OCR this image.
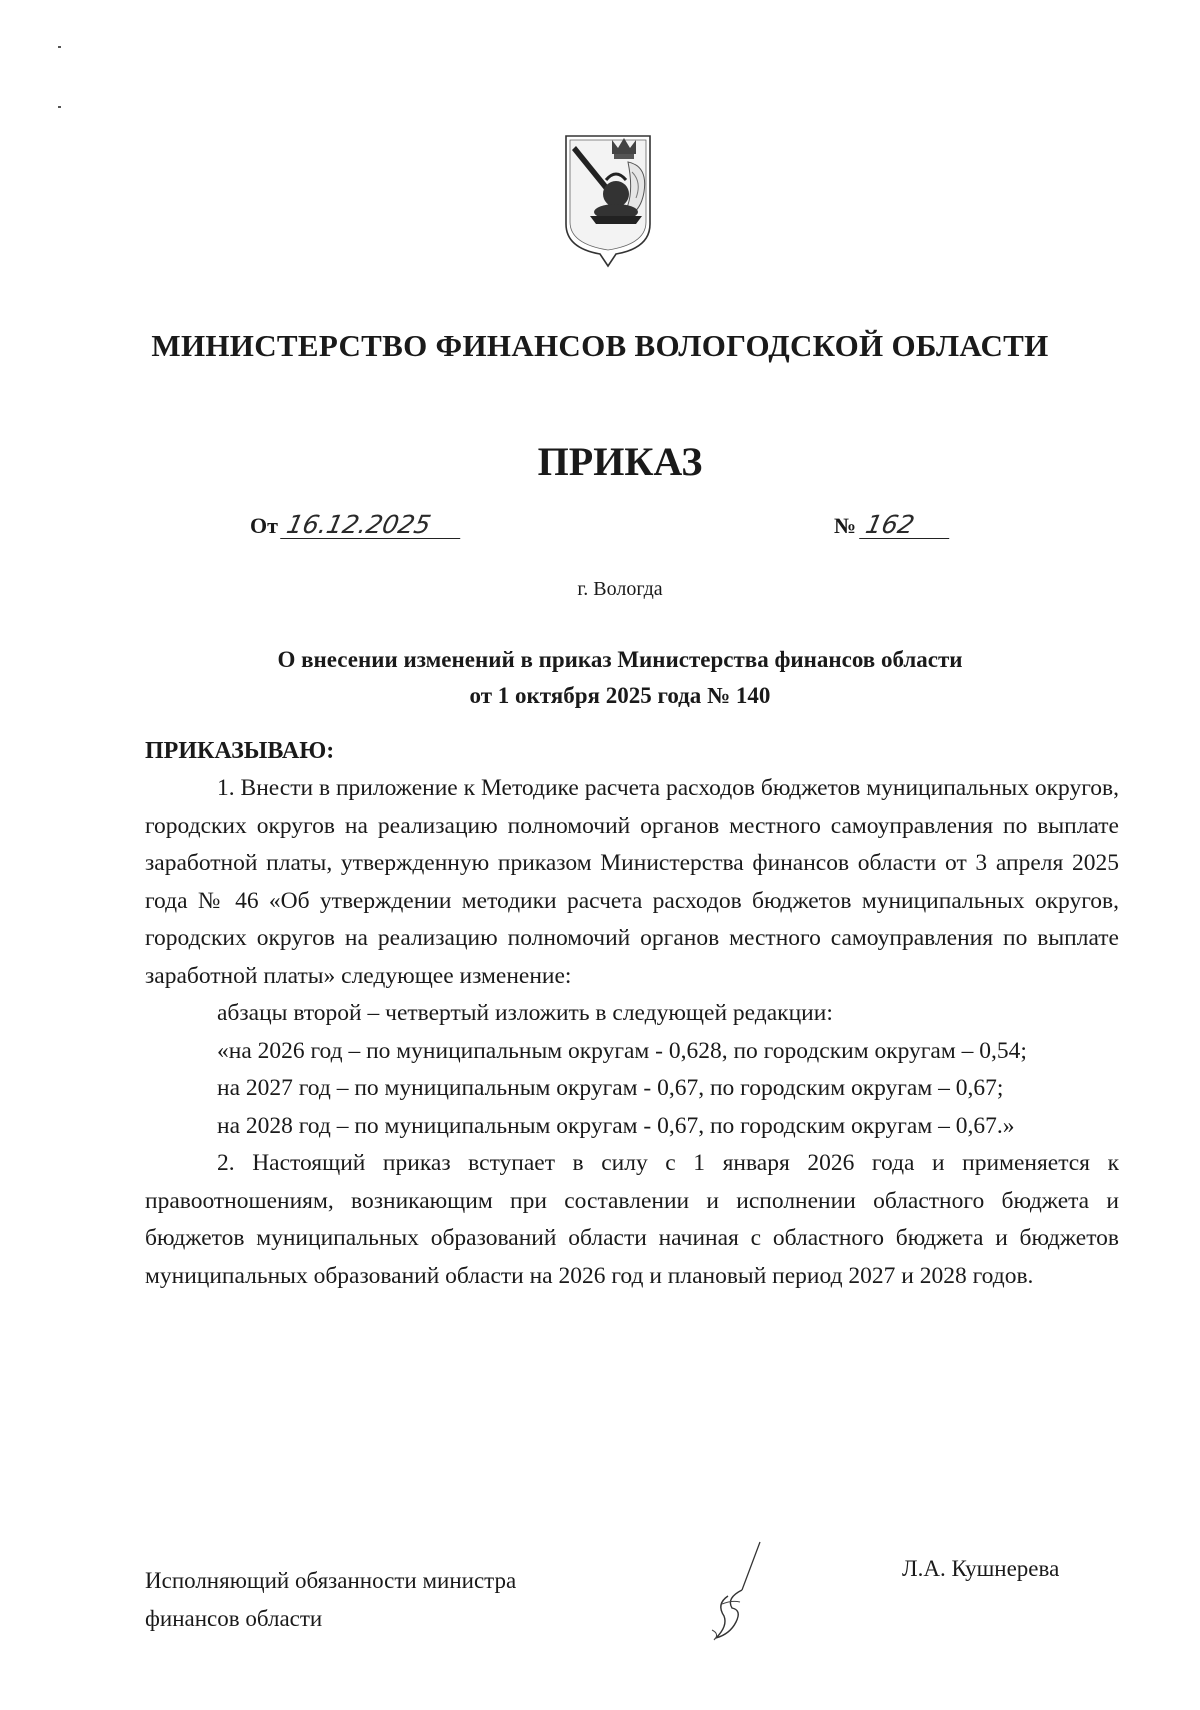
МИНИСТЕРСТВО ФИНАНСОВ ВОЛОГОДСКОЙ ОБЛАСТИ
ПРИКАЗ
От 16.12.2025	№ 162
г. Вологда
О внесении изменений в приказ Министерства финансов области
от 1 октября 2025 года № 140
ПРИКАЗЫВАЮ:

1. Внести в приложение к Методике расчета расходов бюджетов муниципальных округов, городских округов на реализацию полномочий органов местного самоуправления по выплате заработной платы, утвержденную приказом Министерства финансов области от 3 апреля 2025 года № 46 «Об утверждении методики расчета расходов бюджетов муниципальных округов, городских округов на реализацию полномочий органов местного самоуправления по выплате заработной платы» следующее изменение:

абзацы второй – четвертый изложить в следующей редакции:

«на 2026 год – по муниципальным округам - 0,628, по городским округам – 0,54;

на 2027 год – по муниципальным округам - 0,67, по городским округам – 0,67;

на 2028 год – по муниципальным округам - 0,67, по городским округам – 0,67.»

2. Настоящий приказ вступает в силу с 1 января 2026 года и применяется к правоотношениям, возникающим при составлении и исполнении областного бюджета и бюджетов муниципальных образований области начиная с областного бюджета и бюджетов муниципальных образований области на 2026 год и плановый период 2027 и 2028 годов.

Исполняющий обязанности министра
финансов области
Л.А. Кушнерева
